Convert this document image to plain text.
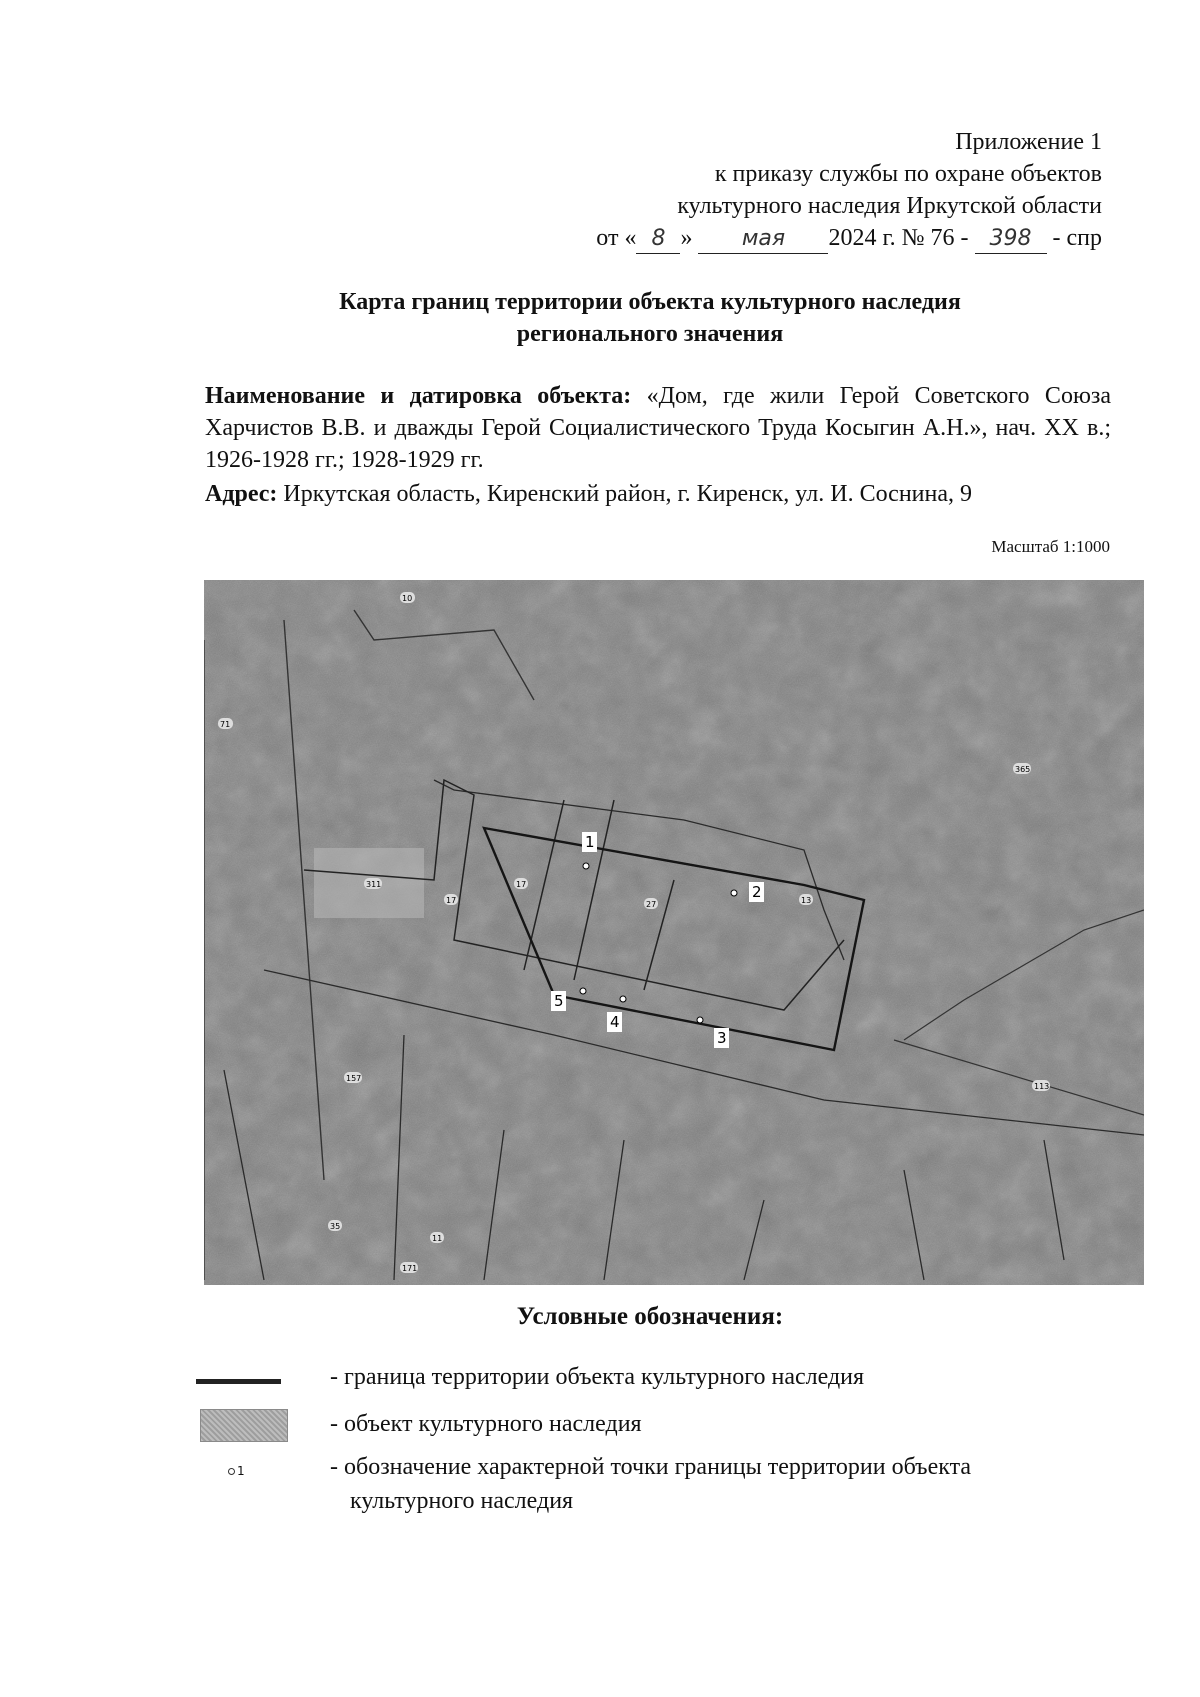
Приложение 1
к приказу службы по охране объектов
культурного наследия Иркутской области
от « 8 » мая 2024 г. № 76 - 398 - спр
Карта границ территории объекта культурного наследия
регионального значения
Наименование и датировка объекта: «Дом, где жили Герой Советского Союза Харчистов В.В. и дважды Герой Социалистического Труда Косыгин А.Н.», нач. XX в.; 1926-1928 гг.; 1928-1929 гг.
Адрес: Иркутская область, Киренский район, г. Киренск, ул. И. Соснина, 9
Масштаб 1:1000
1
2
3
4
5
10
71
311
17
17
27	13
365
157
35
171
11
113
Условные обозначения:
- граница территории объекта культурного наследия
- объект культурного наследия
1	- обозначение характерной точки границы территории объекта
культурного наследия
